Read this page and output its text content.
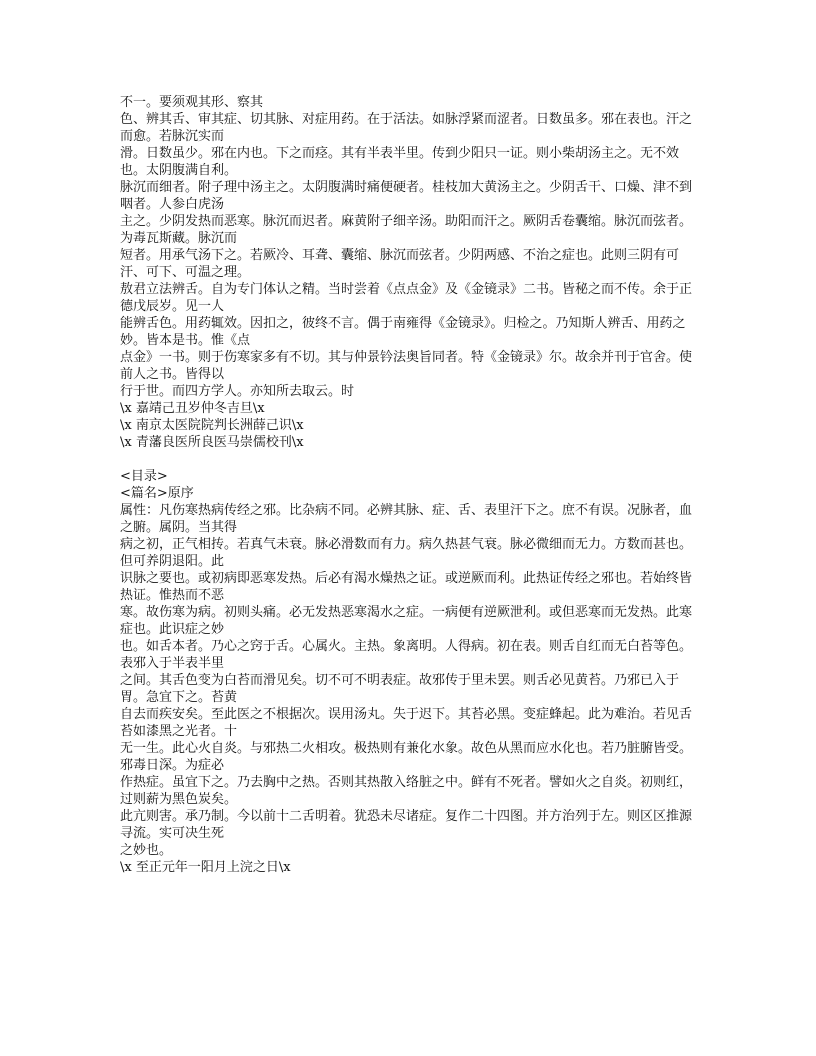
不一。要须观其形、察其

色、辨其舌、审其症、切其脉、对症用药。在于活法。如脉浮紧而涩者。日数虽多。邪在表也。汗之而愈。若脉沉实而

滑。日数虽少。邪在内也。下之而痉。其有半表半里。传到少阳只一证。则小柴胡汤主之。无不效也。太阴腹满自利。

脉沉而细者。附子理中汤主之。太阴腹满时痛便硬者。桂枝加大黄汤主之。少阴舌干、口燥、津不到咽者。人参白虎汤

主之。少阴发热而恶寒。脉沉而迟者。麻黄附子细辛汤。助阳而汗之。厥阴舌卷囊缩。脉沉而弦者。为毒瓦斯藏。脉沉而

短者。用承气汤下之。若厥冷、耳聋、囊缩、脉沉而弦者。少阴两感、不治之症也。此则三阴有可汗、可下、可温之理。

敖君立法辨舌。自为专门体认之精。当时尝着《点点金》及《金镜录》二书。皆秘之而不传。余于正德戊辰岁。见一人

能辨舌色。用药辄效。因扣之，彼终不言。偶于南雍得《金镜录》。归检之。乃知斯人辨舌、用药之妙。皆本是书。惟《点

点金》一书。则于伤寒家多有不切。其与仲景钤法奥旨同者。特《金镜录》尔。故余并刊于官舍。使前人之书。皆得以

行于世。而四方学人。亦知所去取云。时

\x 嘉靖己丑岁仲冬吉旦\x

\x 南京太医院院判长洲薛己识\x

\x 青藩良医所良医马崇儒校刊\x

<目录>

<篇名>原序

属性：凡伤寒热病传经之邪。比杂病不同。必辨其脉、症、舌、表里汗下之。庶不有误。况脉者，血之腑。属阴。当其得

病之初，正气相抟。若真气未衰。脉必滑数而有力。病久热甚气衰。脉必微细而无力。方数而甚也。但可养阴退阳。此

识脉之要也。或初病即恶寒发热。后必有渴水燥热之证。或逆厥而利。此热证传经之邪也。若始终皆热证。惟热而不恶

寒。故伤寒为病。初则头痛。必无发热恶寒渴水之症。一病便有逆厥泄利。或但恶寒而无发热。此寒症也。此识症之妙

也。如舌本者。乃心之窍于舌。心属火。主热。象离明。人得病。初在表。则舌自红而无白苔等色。表邪入于半表半里

之间。其舌色变为白苔而滑见矣。切不可不明表症。故邪传于里未罢。则舌必见黄苔。乃邪已入于胃。急宜下之。苔黄

自去而疾安矣。至此医之不根据次。误用汤丸。失于迟下。其苔必黑。变症蜂起。此为难治。若见舌苔如漆黑之光者。十

无一生。此心火自炎。与邪热二火相攻。极热则有兼化水象。故色从黑而应水化也。若乃脏腑皆受。邪毒日深。为症必

作热症。虽宜下之。乃去胸中之热。否则其热散入络脏之中。鲜有不死者。譬如火之自炎。初则红，过则薪为黑色炭矣。

此亢则害。承乃制。今以前十二舌明着。犹恐未尽诸症。复作二十四图。并方治列于左。则区区推源寻流。实可决生死

之妙也。

\x 至正元年一阳月上浣之日\x
